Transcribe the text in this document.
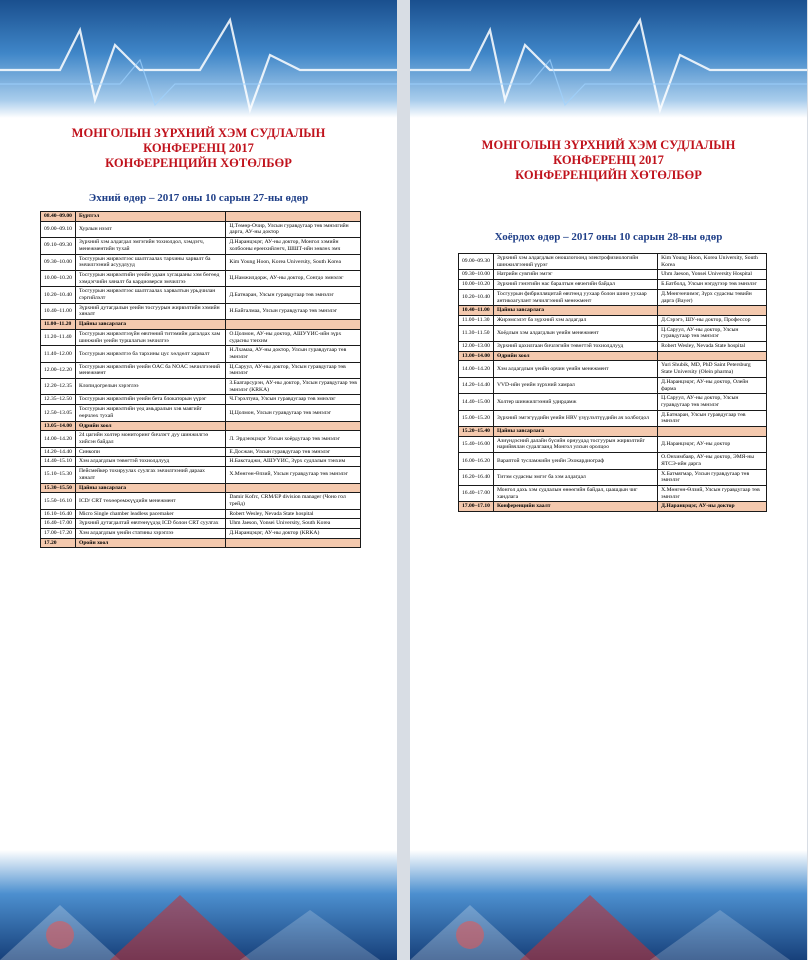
МОНГОЛЫН ЗҮРХНИЙ ХЭМ СУДЛАЛЫН
КОНФЕРЕНЦ 2017
КОНФЕРЕНЦИЙН ХӨТӨЛБӨР
Эхний өдөр – 2017 оны 10 сарын 27-ны өдөр
08.40–09.00	Бүртгэл	
09.00–09.10	Хурлын нээлт	Ц.Төмөр-Очир, Улсын гуравдугаар төв эмнэлгийн дарга, АУ-ны доктор
09.10–09.30	Зүрхний хэм алдагдал эмгэгийн тохиолдол, хэмдэгч, менежментийн тухай	Д.Наранцэцэг, АУ-ны доктор, Монгол хэмийн холбооны ерөнхийлөгч, ШШТ-ийн зөвлөх эмч
09.30–10.00	Тосгуурын жирвэлтээс шалтгаалах тархины харвалт ба эмчилгээний асуудлууд	Kim Young Hoon, Korea University, South Korea
10.00–10.20	Тосгуурын жирвэлтийн үеийн удаан хугацааны хэм бөгөөд хэмдэгчийн хяналт ба кардиоверси эмчилгээ	Ц.Намжилдорж, АУ-ны доктор, Сонгдо эмнэлэг
10.20–10.40	Тосгуурын жирвэлтээс шалтгаалах харвалтын урьдчилан сэргийлэлт	Д.Батнаран, Улсын гуравдугаар төв эмнэлэг
10.40–11.00	Зүрхний дутагдалын үеийн тосгуурын жирвэлтийн хэмийн хяналт	Н.Байгалмаа, Улсын гуравдугаар төв эмнэлэг
11.00–11.20	Цайны завсарлага	
11.20–11.40	Тосгуурын жирвэлтэзүйн өвчтөний титэмийн дагалдах хам шинжийн үеийн туршлагын эмчилгээ	О.Цолмон, АУ-ны доктор, АШУҮИС-ийн зүрх судасны тэнхим
11.40–12.00	Тосгуурын жирвэлтээ ба тархины цус хөлдөлт харвалт	Н.Лхамаа, АУ-ны доктор, Улсын гуравдугаар төв эмнэлэг
12.00–12.20	Тосгуурын жирвэлтийн үеийн OAC ба NOAC эмчилгээний менежмент	Ц.Саруул, АУ-ны доктор, Улсын гуравдугаар төв эмнэлэг
12.20–12.35	Клопидогрелын хэрэглээ	З.Баатарсурэн, АУ-ны доктор, Улсын гуравдугаар төв эмнэлэг (KRKA)
12.35–12.50	Тосгуурын жирвэлтийн үеийн бета блокаторын үүрэг	Ч.Гэрэлтуяа, Улсын гуравдугаар төв эмнэлэг
12.50–13.05	Тосгуурын жирвэлтийн үед амьдралын хэв маягийг өөрчлөх тухай	Ц.Цолмон, Улсын гуравдугаар төв эмнэлэг
13.05–14.00	Өдрийн хоол	
14.00–14.20	24 цагийн холтер мониторинг бичлэгт дуу шинжилгээ хийсэн байдал	Л. Эрдэнэцэцэг Улсын хоёрдугаар төв эмнэлэг
14.20–14.40	Синкопи	Е.Досжан, Улсын гуравдугаар төв эмнэлэг
14.40–15.10	Хэм алдагдлын төвөгтэй тохиолдлууд	Н.Бакстаджи, АШУҮИС, Зүрх судлалын тэнхим
15.10–15.30	Пейсмейкер тохируулах суулгах эмчилгээний дараах хяналт	Х.Мөнгөн-Өлзий, Улсын гуравдугаар төв эмнэлэг
15.30–15.50	Цайны завсарлага	
15.50–16.10	ICD/ CRT төхөөрөмжүүдийн менежмент	Damir Kofrc, CRM/EP division manager (Чоно гол трейд)
16.10–16.40	Micro Single chamber leadless pacemaker	Robert Wesley, Nevada State hospital
16.40–17.00	Зүрхний дутагдалтай өвчтөнүүдэд ICD болон CRT суулгах	Uhm Jaeson, Yonsei University, South Korea
17.00–17.20	Хэм алдагдлын үеийн статины хэрэглээ	Д.Наранцэцэг, АУ-ны доктор (KRKA)
17.20	Оройн хоол	
МОНГОЛЫН ЗҮРХНИЙ ХЭМ СУДЛАЛЫН
КОНФЕРЕНЦ 2017
КОНФЕРЕНЦИЙН ХӨТӨЛБӨР
Хоёрдох өдөр – 2017 оны 10 сарын 28-ны өдөр
09.00–09.30	Зүрхний хэм алдагдлын оношлогоонд электрофизиологийн шинжилгээний үүрэг	Kim Young Hoon, Korea University, South Korea
09.30–10.00	Натрийн сувгийн эмгэг	Uhm Jaeson, Yonsei University Hospital
10.00–10.20	Зүрхний гэнэтийн нас баралтын өвчөгийн байдал	Б.Батболд, Улсын нэгдүгээр төв эмнэлэг
10.20–10.40	Тосгуурын фибрилляцитай өвчтөнд уухаар болон шинэ уухаар антикоагулант эмчилгээний менежмент	Д.Мөнгөнчимэг, Зүрх судасны төвийн дарга (Bayer)
10.40–11.00	Цайны завсарлага	
11.00–11.30	Жирэмсэлэт ба зүрхний хэм алдагдал	Д.Сэрэгэ, ШУ-ны доктор, Профессор
11.30–11.50	Хоёдлын хэм алдагдлын үеийн менежмент	Ц.Саруул, АУ-ны доктор, Улсын гуравдугаар төв эмнэлэг
12.00–13.00	Зүрхний цахилгаан бичлэгийн төвөгтэй тохиолдлууд	Robert Wesley, Nevada State hospital
13.00–14.00	Өдрийн хоол	
14.00–14.20	Хэм алдагдлын үеийн орчин үеийн менежмент	Yuri Shubik, MD, PhD Saint Petersburg State University (Olein pharma)
14.20–14.40	VVD-ийн үеийн зүрхний хамрал	Д.Наранцэцэг, АУ-ны доктор, Олейн фарма
14.40–15.00	Холтер шинжилгээний удирдамж	Ц.Саруул, АУ-ны доктор, Улсын гуравдугаар төв эмнэлэг
15.00–15.20	Зүрхний эмгэгүүдийн үеийн HRV үзүүлэлтүүдийн ач холбогдол	Д.Батнаран, Улсын гуравдугаар төв эмнэлэг
15.20–15.40	Цайны завсарлага	
15.40–16.00	Азиүндэсний далайн бүсийн орнуудад тосгуурын жирвэлтийг нарийвчлан судалгаанд Монгол улсын оролцоо	Д.Наранцэцэг, АУ-ны доктор
16.00–16.20	Вараптой тусламжийн үеийн Эхокардиограф	О.Онхимбаяр, АУ-ны доктор, ЭМЯ-ны ЯТСЭ-ийн дарга
16.20–16.40	Титэм судасны эмгэг ба хэм алдагдал	Х.Батмягмар, Улсын гуравдугаар төв эмнэлэг
16.40–17.00	Монгол дахь хэм судлалын өнөөгийн байдал, цаашдын чиг хандлага	Х.Мөнгөн-Өлзий, Улсын гуравдугаар төв эмнэлэг
17.00–17.10	Конференцийн хаалт	Д.Наранцэцэг, АУ-ны доктор
